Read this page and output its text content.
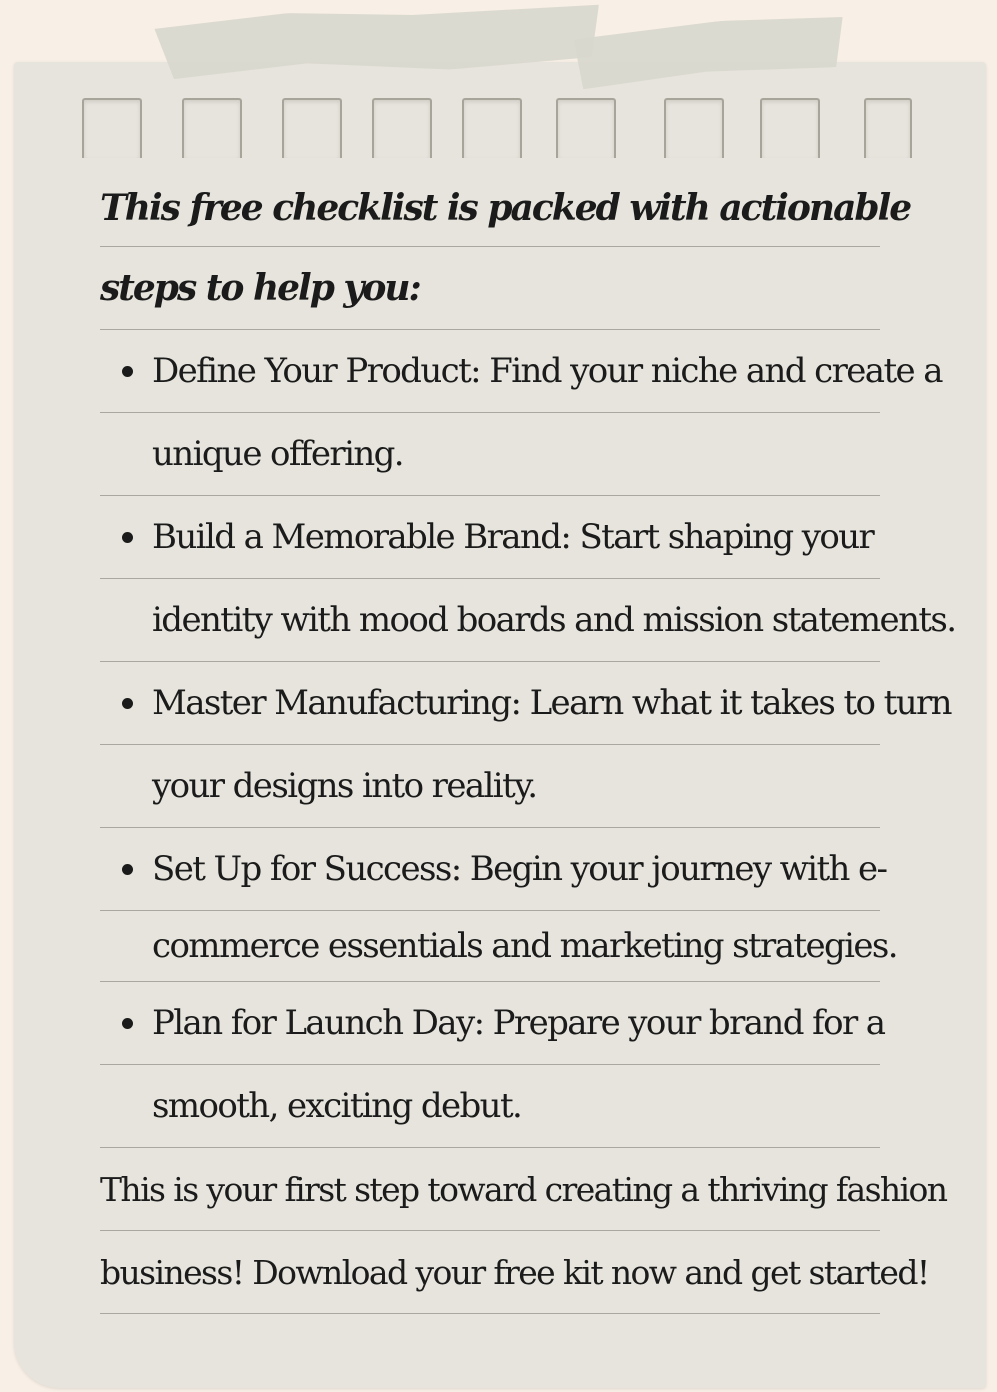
This free checklist is packed with actionable
steps to help you:
Define Your Product: Find your niche and create a
unique offering.
Build a Memorable Brand: Start shaping your
identity with mood boards and mission statements.
Master Manufacturing: Learn what it takes to turn
your designs into reality.
Set Up for Success: Begin your journey with e-
commerce essentials and marketing strategies.
Plan for Launch Day: Prepare your brand for a
smooth, exciting debut.
This is your first step toward creating a thriving fashion
business! Download your free kit now and get started!
